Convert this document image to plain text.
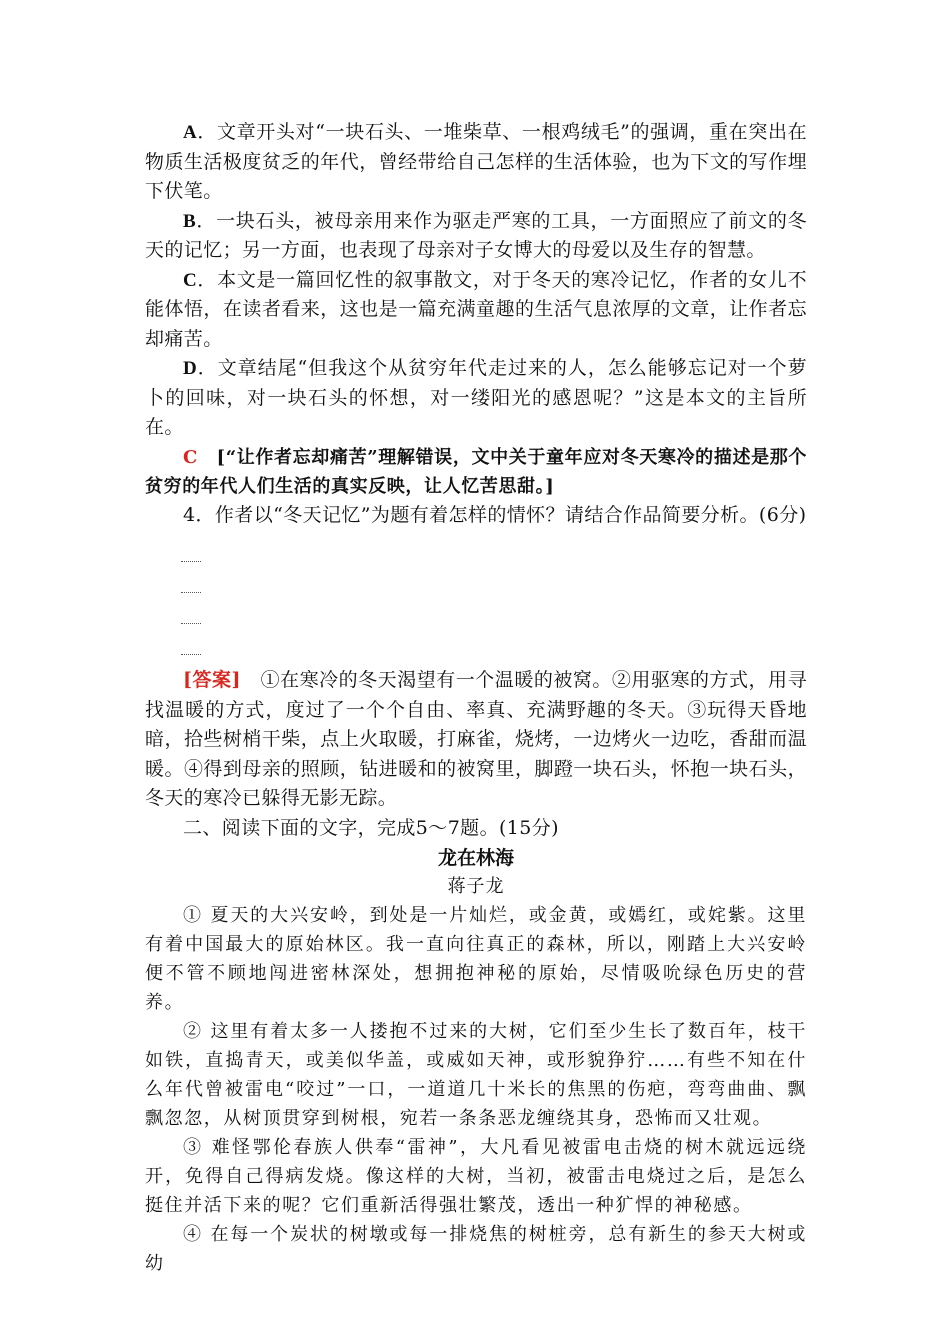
A．文章开头对“一块石头、一堆柴草、一根鸡绒毛”的强调，重在突出在物质生活极度贫乏的年代，曾经带给自己怎样的生活体验，也为下文的写作埋下伏笔。

B．一块石头，被母亲用来作为驱走严寒的工具，一方面照应了前文的冬天的记忆；另一方面，也表现了母亲对子女博大的母爱以及生存的智慧。

C．本文是一篇回忆性的叙事散文，对于冬天的寒冷记忆，作者的女儿不能体悟，在读者看来，这也是一篇充满童趣的生活气息浓厚的文章，让作者忘却痛苦。

D．文章结尾“但我这个从贫穷年代走过来的人，怎么能够忘记对一个萝卜的回味，对一块石头的怀想，对一缕阳光的感恩呢？”这是本文的主旨所在。

C　[“让作者忘却痛苦”理解错误，文中关于童年应对冬天寒冷的描述是那个贫穷的年代人们生活的真实反映，让人忆苦思甜。]

4．作者以“冬天记忆”为题有着怎样的情怀？请结合作品简要分析。(6分)

[答案]　①在寒冷的冬天渴望有一个温暖的被窝。②用驱寒的方式，用寻找温暖的方式，度过了一个个自由、率真、充满野趣的冬天。③玩得天昏地暗，拾些树梢干柴，点上火取暖，打麻雀，烧烤，一边烤火一边吃，香甜而温暖。④得到母亲的照顾，钻进暖和的被窝里，脚蹬一块石头，怀抱一块石头，冬天的寒冷已躲得无影无踪。

二、阅读下面的文字，完成5～7题。(15分)

龙在林海

蒋子龙

① 夏天的大兴安岭，到处是一片灿烂，或金黄，或嫣红，或姹紫。这里有着中国最大的原始林区。我一直向往真正的森林，所以，刚踏上大兴安岭便不管不顾地闯进密林深处，想拥抱神秘的原始，尽情吸吮绿色历史的营养。

② 这里有着太多一人搂抱不过来的大树，它们至少生长了数百年，枝干如铁，直捣青天，或美似华盖，或威如天神，或形貌狰狞……有些不知在什么年代曾被雷电“咬过”一口，一道道几十米长的焦黑的伤疤，弯弯曲曲、飘飘忽忽，从树顶贯穿到树根，宛若一条条恶龙缠绕其身，恐怖而又壮观。

③ 难怪鄂伦春族人供奉“雷神”，大凡看见被雷电击烧的树木就远远绕开，免得自己得病发烧。像这样的大树，当初，被雷击电烧过之后，是怎么挺住并活下来的呢？它们重新活得强壮繁茂，透出一种犷悍的神秘感。

④ 在每一个炭状的树墩或每一排烧焦的树桩旁，总有新生的参天大树或幼
